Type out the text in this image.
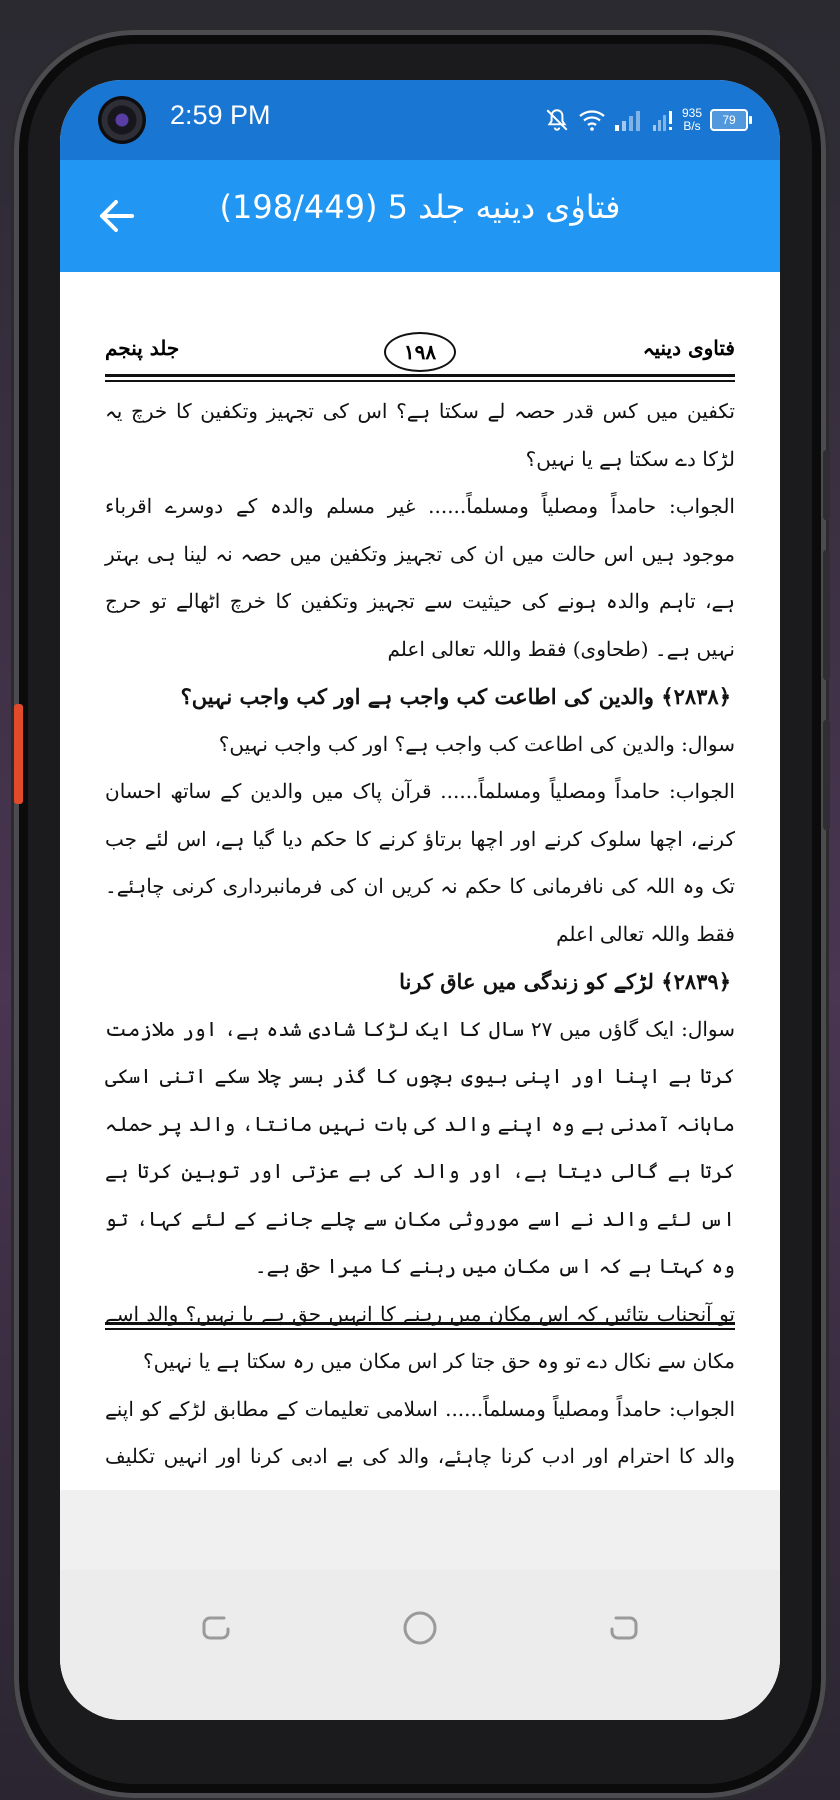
2:59 PM	935
B/s	79
فتاوٰی دینیه جلد 5 (198/449)
جلد پنجم	۱۹۸	فتاوی دینیہ

تکفین میں کس قدر حصہ لے سکتا ہے؟ اس کی تجہیز وتکفین کا خرچ یہ لڑکا دے سکتا ہے یا نہیں؟

الجواب: حامداً ومصلیاً ومسلماً...... غیر مسلم والدہ کے دوسرے اقرباء موجود ہیں اس حالت میں ان کی تجہیز وتکفین میں حصہ نہ لینا ہی بہتر ہے، تاہم والدہ ہونے کی حیثیت سے تجہیز وتکفین کا خرچ اٹھالے تو حرج نہیں ہے۔ (طحاوی) فقط واللہ تعالی اعلم

﴿۲۸۳۸﴾ والدین کی اطاعت کب واجب ہے اور کب واجب نہیں؟

سوال: والدین کی اطاعت کب واجب ہے؟ اور کب واجب نہیں؟

الجواب: حامداً ومصلیاً ومسلماً...... قرآن پاک میں والدین کے ساتھ احسان کرنے، اچھا سلوک کرنے اور اچھا برتاؤ کرنے کا حکم دیا گیا ہے، اس لئے جب تک وہ اللہ کی نافرمانی کا حکم نہ کریں ان کی فرمانبرداری کرنی چاہئے۔ فقط واللہ تعالی اعلم

﴿۲۸۳۹﴾ لڑکے کو زندگی میں عاق کرنا

سوال: ایک گاؤں میں ۲۷ سال کا ایک لڑکا شادی شدہ ہے، اور ملازمت کرتا ہے اپنا اور اپنی بیوی بچوں کا گذر بسر چلا سکے اتنی اسکی ماہانہ آمدنی ہے وہ اپنے والد کی بات نہیں مانتا، والد پر حملہ کرتا ہے گالی دیتا ہے، اور والد کی بے عزتی اور توہین کرتا ہے اس لئے والد نے اسے موروثی مکان سے چلے جانے کے لئے کہا، تو وہ کہتا ہے کہ اس مکان میں رہنے کا میرا حق ہے۔

تو آنجناب بتائیں کہ اس مکان میں رہنے کا انہیں حق ہے یا نہیں؟ والد اسے مکان سے نکال دے تو وہ حق جتا کر اس مکان میں رہ سکتا ہے یا نہیں؟

الجواب: حامداً ومصلیاً ومسلماً...... اسلامی تعلیمات کے مطابق لڑکے کو اپنے والد کا احترام اور ادب کرنا چاہئے، والد کی بے ادبی کرنا اور انہیں تکلیف
